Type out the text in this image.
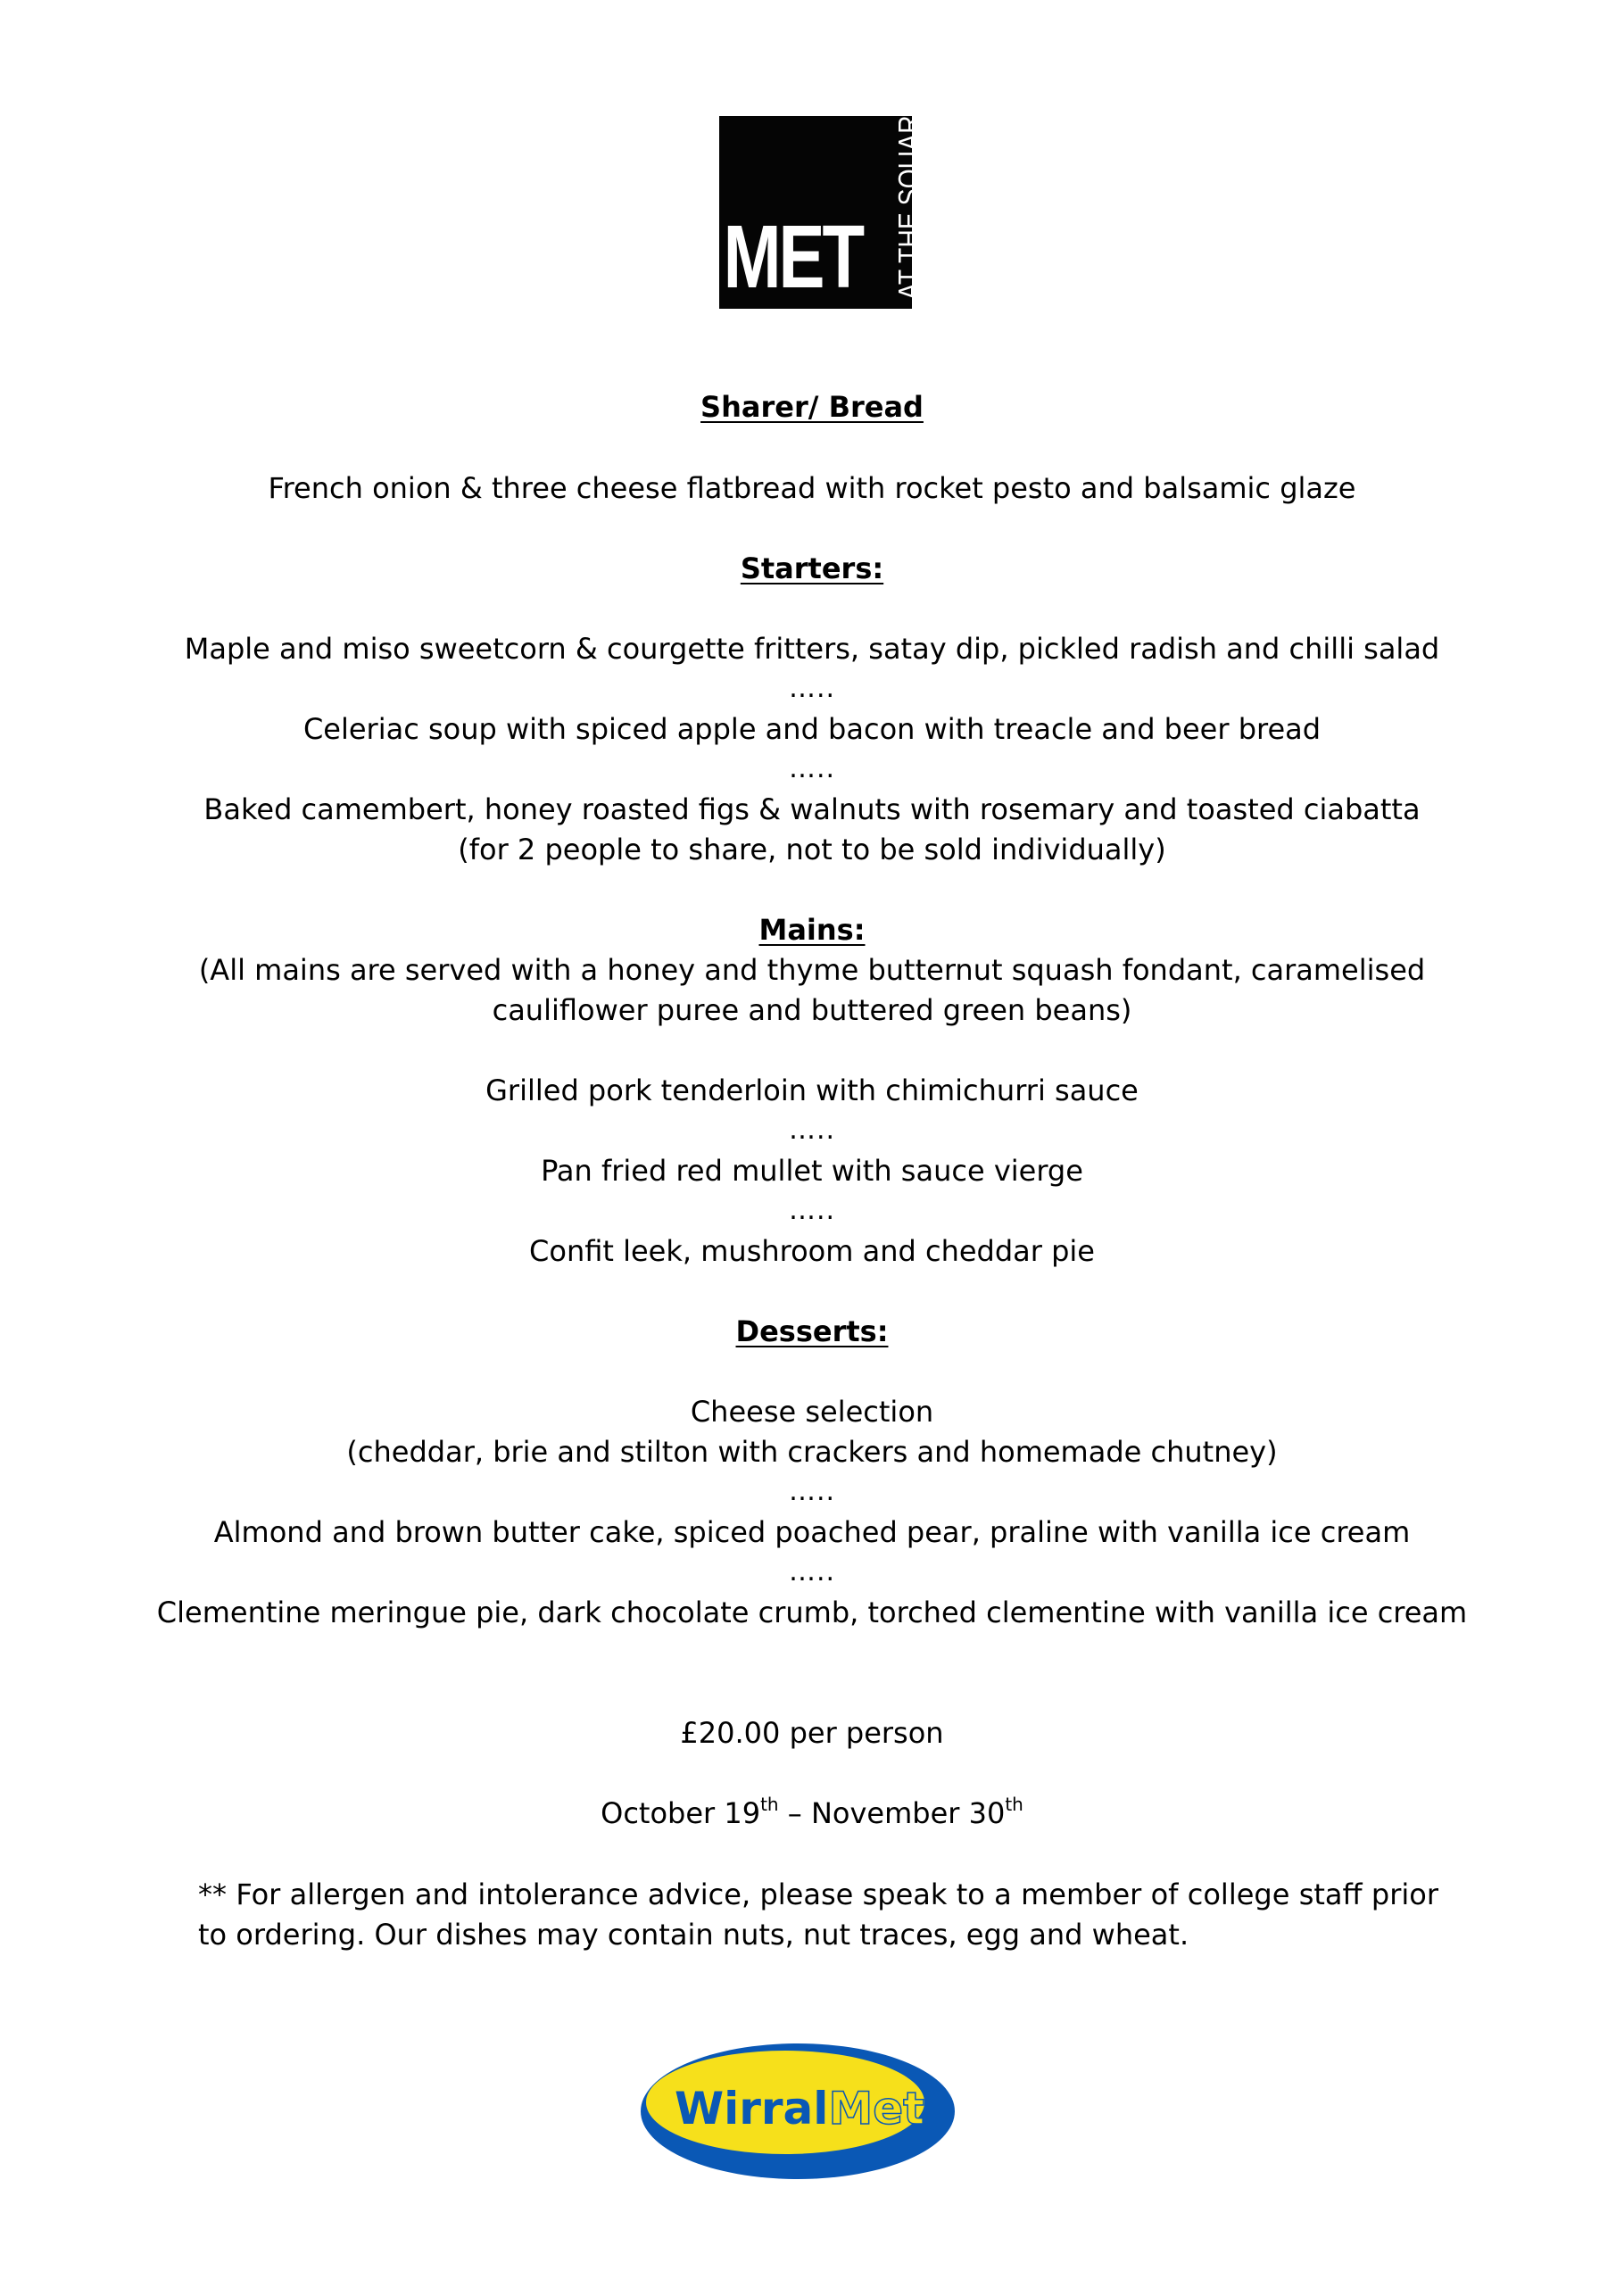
MET AT THE SQUARE
Sharer/ Bread
French onion & three cheese flatbread with rocket pesto and balsamic glaze
Starters:
Maple and miso sweetcorn & courgette fritters, satay dip, pickled radish and chilli salad
…..
Celeriac soup with spiced apple and bacon with treacle and beer bread
…..
Baked camembert, honey roasted figs & walnuts with rosemary and toasted ciabatta
(for 2 people to share, not to be sold individually)
Mains:
(All mains are served with a honey and thyme butternut squash fondant, caramelised
cauliflower puree and buttered green beans)
Grilled pork tenderloin with chimichurri sauce
…..
Pan fried red mullet with sauce vierge
…..
Confit leek, mushroom and cheddar pie
Desserts:
Cheese selection
(cheddar, brie and stilton with crackers and homemade chutney)
…..
Almond and brown butter cake, spiced poached pear, praline with vanilla ice cream
…..
Clementine meringue pie, dark chocolate crumb, torched clementine with vanilla ice cream
£20.00 per person
October 19th – November 30th
** For allergen and intolerance advice, please speak to a member of college staff prior to ordering. Our dishes may contain nuts, nut traces, egg and wheat.
WirralMet
